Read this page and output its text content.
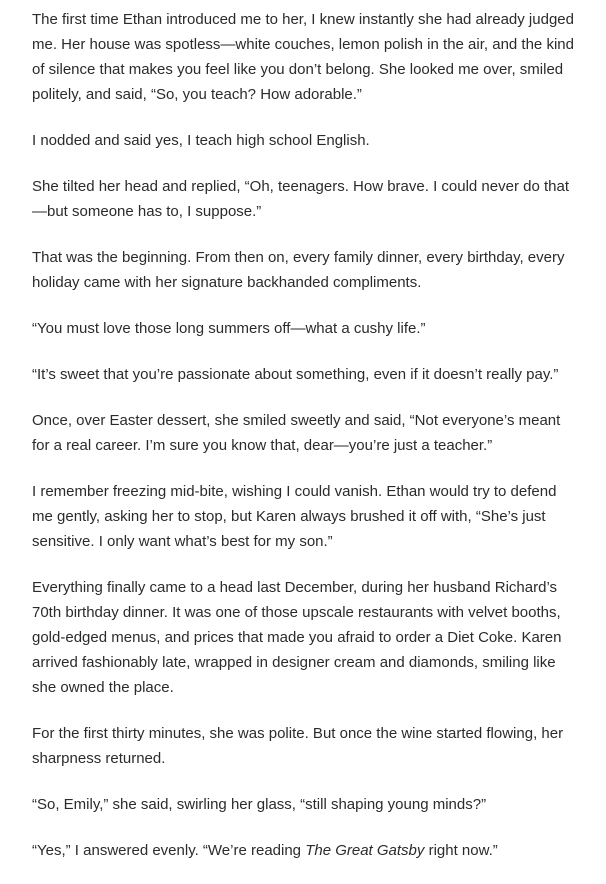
The first time Ethan introduced me to her, I knew instantly she had already judged me. Her house was spotless—white couches, lemon polish in the air, and the kind of silence that makes you feel like you don’t belong. She looked me over, smiled politely, and said, “So, you teach? How adorable.”

I nodded and said yes, I teach high school English.

She tilted her head and replied, “Oh, teenagers. How brave. I could never do that—but someone has to, I suppose.”

That was the beginning. From then on, every family dinner, every birthday, every holiday came with her signature backhanded compliments.

“You must love those long summers off—what a cushy life.”

“It’s sweet that you’re passionate about something, even if it doesn’t really pay.”

Once, over Easter dessert, she smiled sweetly and said, “Not everyone’s meant for a real career. I’m sure you know that, dear—you’re just a teacher.”

I remember freezing mid-bite, wishing I could vanish. Ethan would try to defend me gently, asking her to stop, but Karen always brushed it off with, “She’s just sensitive. I only want what’s best for my son.”

Everything finally came to a head last December, during her husband Richard’s 70th birthday dinner. It was one of those upscale restaurants with velvet booths, gold-edged menus, and prices that made you afraid to order a Diet Coke. Karen arrived fashionably late, wrapped in designer cream and diamonds, smiling like she owned the place.

For the first thirty minutes, she was polite. But once the wine started flowing, her sharpness returned.

“So, Emily,” she said, swirling her glass, “still shaping young minds?”

“Yes,” I answered evenly. “We’re reading The Great Gatsby right now.”
